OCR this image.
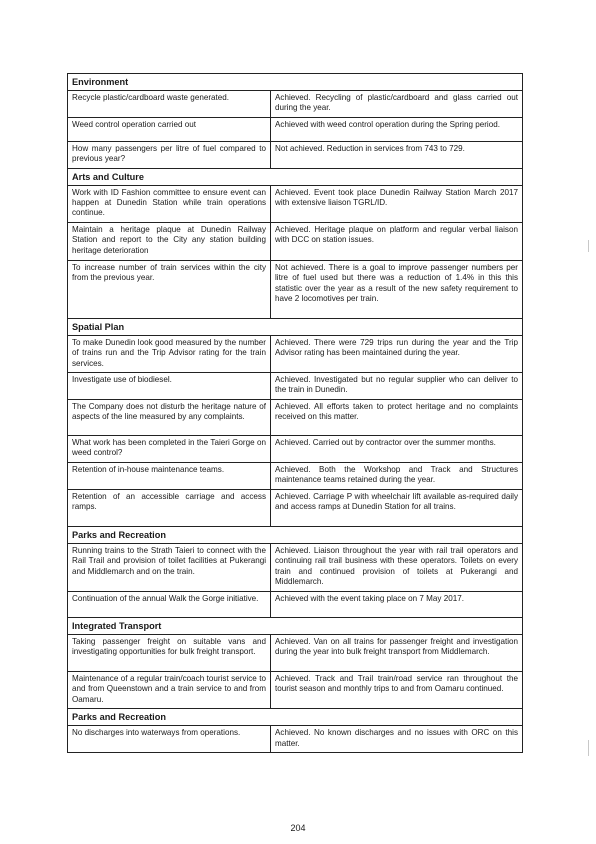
Environment	
Recycle plastic/cardboard waste generated.	Achieved. Recycling of plastic/cardboard and glass carried out during the year.
Weed control operation carried out	Achieved with weed control operation during the Spring period.
How many passengers per litre of fuel compared to previous year?	Not achieved. Reduction in services from 743 to 729.
Arts and Culture	
Work with ID Fashion committee to ensure event can happen at Dunedin Station while train operations continue.	Achieved. Event took place Dunedin Railway Station March 2017 with extensive liaison TGRL/ID.
Maintain a heritage plaque at Dunedin Railway Station and report to the City any station building heritage deterioration	Achieved. Heritage plaque on platform and regular verbal liaison with DCC on station issues.
To increase number of train services within the city from the previous year.	Not achieved. There is a goal to improve passenger numbers per litre of fuel used but there was a reduction of 1.4% in this this statistic over the year as a result of the new safety requirement to have 2 locomotives per train.
Spatial Plan	
To make Dunedin look good measured by the number of trains run and the Trip Advisor rating for the train services.	Achieved. There were 729 trips run during the year and the Trip Advisor rating has been maintained during the year.
Investigate use of biodiesel.	Achieved. Investigated but no regular supplier who can deliver to the train in Dunedin.
The Company does not disturb the heritage nature of aspects of the line measured by any complaints.	Achieved. All efforts taken to protect heritage and no complaints received on this matter.
What work has been completed in the Taieri Gorge on weed control?	Achieved. Carried out by contractor over the summer months.
Retention of in-house maintenance teams.	Achieved. Both the Workshop and Track and Structures maintenance teams retained during the year.
Retention of an accessible carriage and access ramps.	Achieved. Carriage P with wheelchair lift available as-required daily and access ramps at Dunedin Station for all trains.
Parks and Recreation	
Running trains to the Strath Taieri to connect with the Rail Trail and provision of toilet facilities at Pukerangi and Middlemarch and on the train.	Achieved. Liaison throughout the year with rail trail operators and continuing rail trail business with these operators. Toilets on every train and continued provision of toilets at Pukerangi and Middlemarch.
Continuation of the annual Walk the Gorge initiative.	Achieved with the event taking place on 7 May 2017.
Integrated Transport	
Taking passenger freight on suitable vans and investigating opportunities for bulk freight transport.	Achieved. Van on all trains for passenger freight and investigation during the year into bulk freight transport from Middlemarch.
Maintenance of a regular train/coach tourist service to and from Queenstown and a train service to and from Oamaru.	Achieved. Track and Trail train/road service ran throughout the tourist season and monthly trips to and from Oamaru continued.
Parks and Recreation	
No discharges into waterways from operations.	Achieved. No known discharges and no issues with ORC on this matter.
204
